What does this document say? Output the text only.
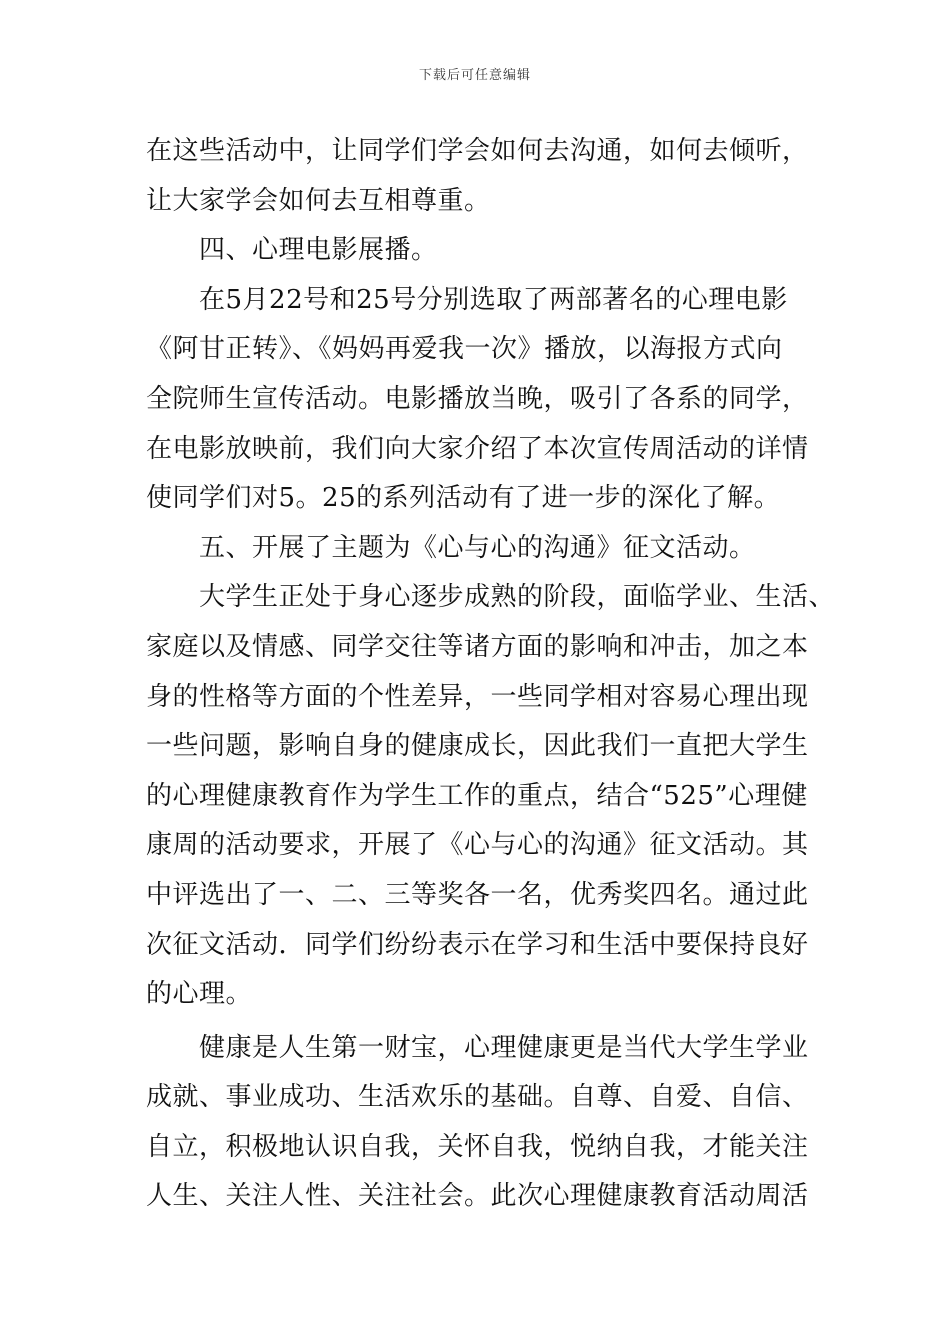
下载后可任意编辑
在这些活动中，让同学们学会如何去沟通，如何去倾听，
让大家学会如何去互相尊重。
　　四、心理电影展播。
　　在5月22号和25号分别选取了两部著名的心理电影
《阿甘正转》、《妈妈再爱我一次》播放，以海报方式向
全院师生宣传活动。电影播放当晚，吸引了各系的同学，
在电影放映前，我们向大家介绍了本次宣传周活动的详情
使同学们对5。25的系列活动有了进一步的深化了解。
　　五、开展了主题为《心与心的沟通》征文活动。
　　大学生正处于身心逐步成熟的阶段，面临学业、生活、
家庭以及情感、同学交往等诸方面的影响和冲击，加之本
身的性格等方面的个性差异，一些同学相对容易心理出现
一些问题，影响自身的健康成长，因此我们一直把大学生
的心理健康教育作为学生工作的重点，结合“525”心理健
康周的活动要求，开展了《心与心的沟通》征文活动。其
中评选出了一、二、三等奖各一名，优秀奖四名。通过此
次征文活动．同学们纷纷表示在学习和生活中要保持良好
的心理。
　　健康是人生第一财宝，心理健康更是当代大学生学业
成就、事业成功、生活欢乐的基础。自尊、自爱、自信、
自立，积极地认识自我，关怀自我，悦纳自我，才能关注
人生、关注人性、关注社会。此次心理健康教育活动周活
